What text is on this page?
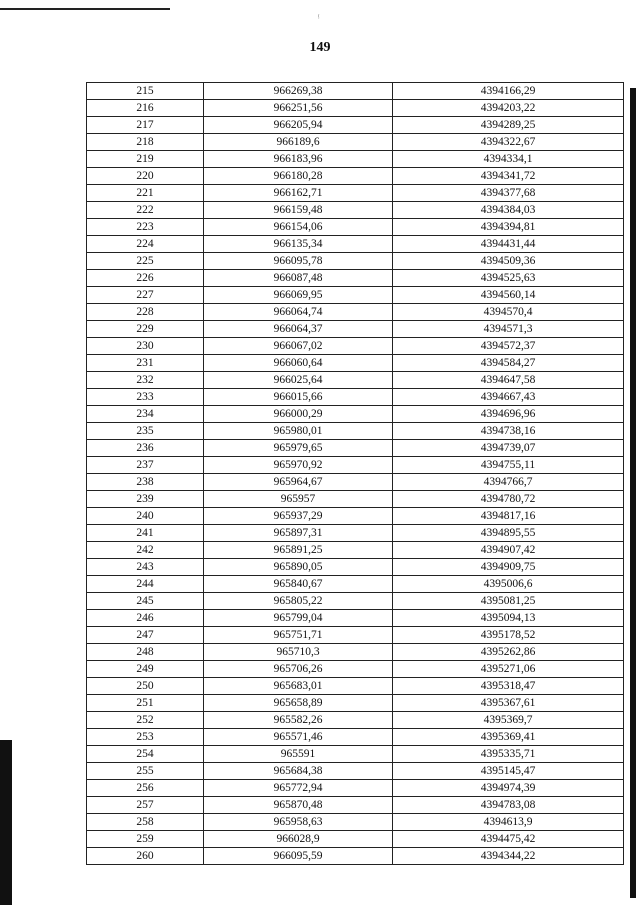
ᵎ
149
215	966269,38	4394166,29
216	966251,56	4394203,22
217	966205,94	4394289,25
218	966189,6	4394322,67
219	966183,96	4394334,1
220	966180,28	4394341,72
221	966162,71	4394377,68
222	966159,48	4394384,03
223	966154,06	4394394,81
224	966135,34	4394431,44
225	966095,78	4394509,36
226	966087,48	4394525,63
227	966069,95	4394560,14
228	966064,74	4394570,4
229	966064,37	4394571,3
230	966067,02	4394572,37
231	966060,64	4394584,27
232	966025,64	4394647,58
233	966015,66	4394667,43
234	966000,29	4394696,96
235	965980,01	4394738,16
236	965979,65	4394739,07
237	965970,92	4394755,11
238	965964,67	4394766,7
239	965957	4394780,72
240	965937,29	4394817,16
241	965897,31	4394895,55
242	965891,25	4394907,42
243	965890,05	4394909,75
244	965840,67	4395006,6
245	965805,22	4395081,25
246	965799,04	4395094,13
247	965751,71	4395178,52
248	965710,3	4395262,86
249	965706,26	4395271,06
250	965683,01	4395318,47
251	965658,89	4395367,61
252	965582,26	4395369,7
253	965571,46	4395369,41
254	965591	4395335,71
255	965684,38	4395145,47
256	965772,94	4394974,39
257	965870,48	4394783,08
258	965958,63	4394613,9
259	966028,9	4394475,42
260	966095,59	4394344,22
